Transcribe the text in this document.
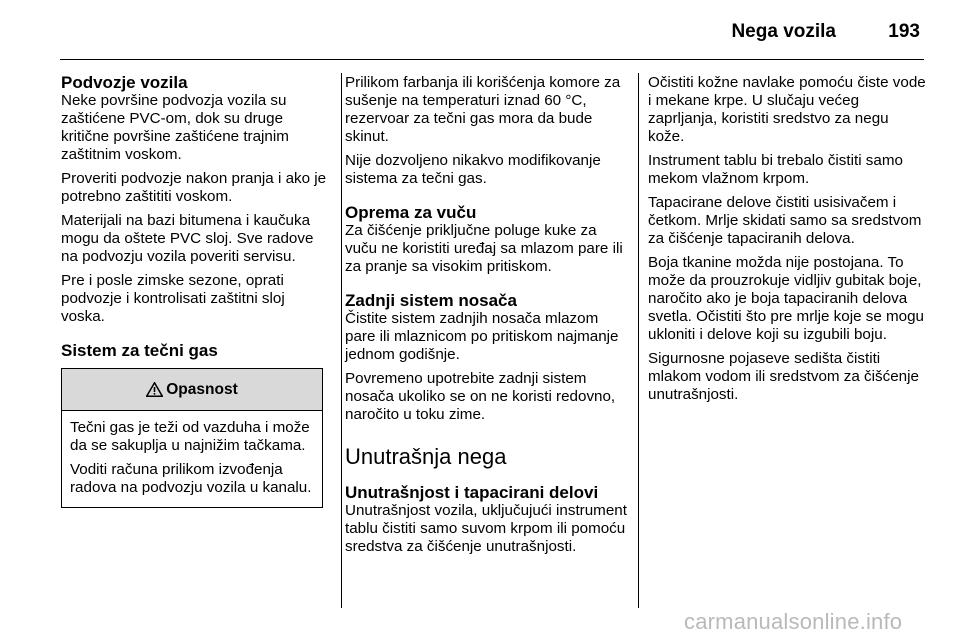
Nega vozila	193
Podvozje vozila

Neke površine podvozja vozila su zaštićene PVC-om, dok su druge kritične površine zaštićene trajnim zaštitnim voskom.

Proveriti podvozje nakon pranja i ako je potrebno zaštititi voskom.

Materijali na bazi bitumena i kaučuka mogu da oštete PVC sloj. Sve radove na podvozju vozila poveriti servisu.

Pre i posle zimske sezone, oprati podvozje i kontrolisati zaštitni sloj voska.

Sistem za tečni gas
Opasnost

Tečni gas je teži od vazduha i može da se sakuplja u najnižim tačkama.

Voditi računa prilikom izvođenja radova na podvozju vozila u kanalu.

Prilikom farbanja ili korišćenja komore za sušenje na temperaturi iznad 60 °C, rezervoar za tečni gas mora da bude skinut.

Nije dozvoljeno nikakvo modifikovanje sistema za tečni gas.

Oprema za vuču

Za čišćenje priključne poluge kuke za vuču ne koristiti uređaj sa mlazom pare ili za pranje sa visokim pritiskom.

Zadnji sistem nosača

Čistite sistem zadnjih nosača mlazom pare ili mlaznicom po pritiskom najmanje jednom godišnje.

Povremeno upotrebite zadnji sistem nosača ukoliko se on ne koristi redovno, naročito u toku zime.

Unutrašnja nega
Unutrašnjost i tapacirani delovi

Unutrašnjost vozila, uključujući instrument tablu čistiti samo suvom krpom ili pomoću sredstva za čišćenje unutrašnjosti.

Očistiti kožne navlake pomoću čiste vode i mekane krpe. U slučaju većeg zaprljanja, koristiti sredstvo za negu kože.

Instrument tablu bi trebalo čistiti samo mekom vlažnom krpom.

Tapacirane delove čistiti usisivačem i četkom. Mrlje skidati samo sa sredstvom za čišćenje tapaciranih delova.

Boja tkanine možda nije postojana. To može da prouzrokuje vidljiv gubitak boje, naročito ako je boja tapaciranih delova svetla. Očistiti što pre mrlje koje se mogu ukloniti i delove koji su izgubili boju.

Sigurnosne pojaseve sedišta čistiti mlakom vodom ili sredstvom za čišćenje unutrašnjosti.

carmanualsonline.info
